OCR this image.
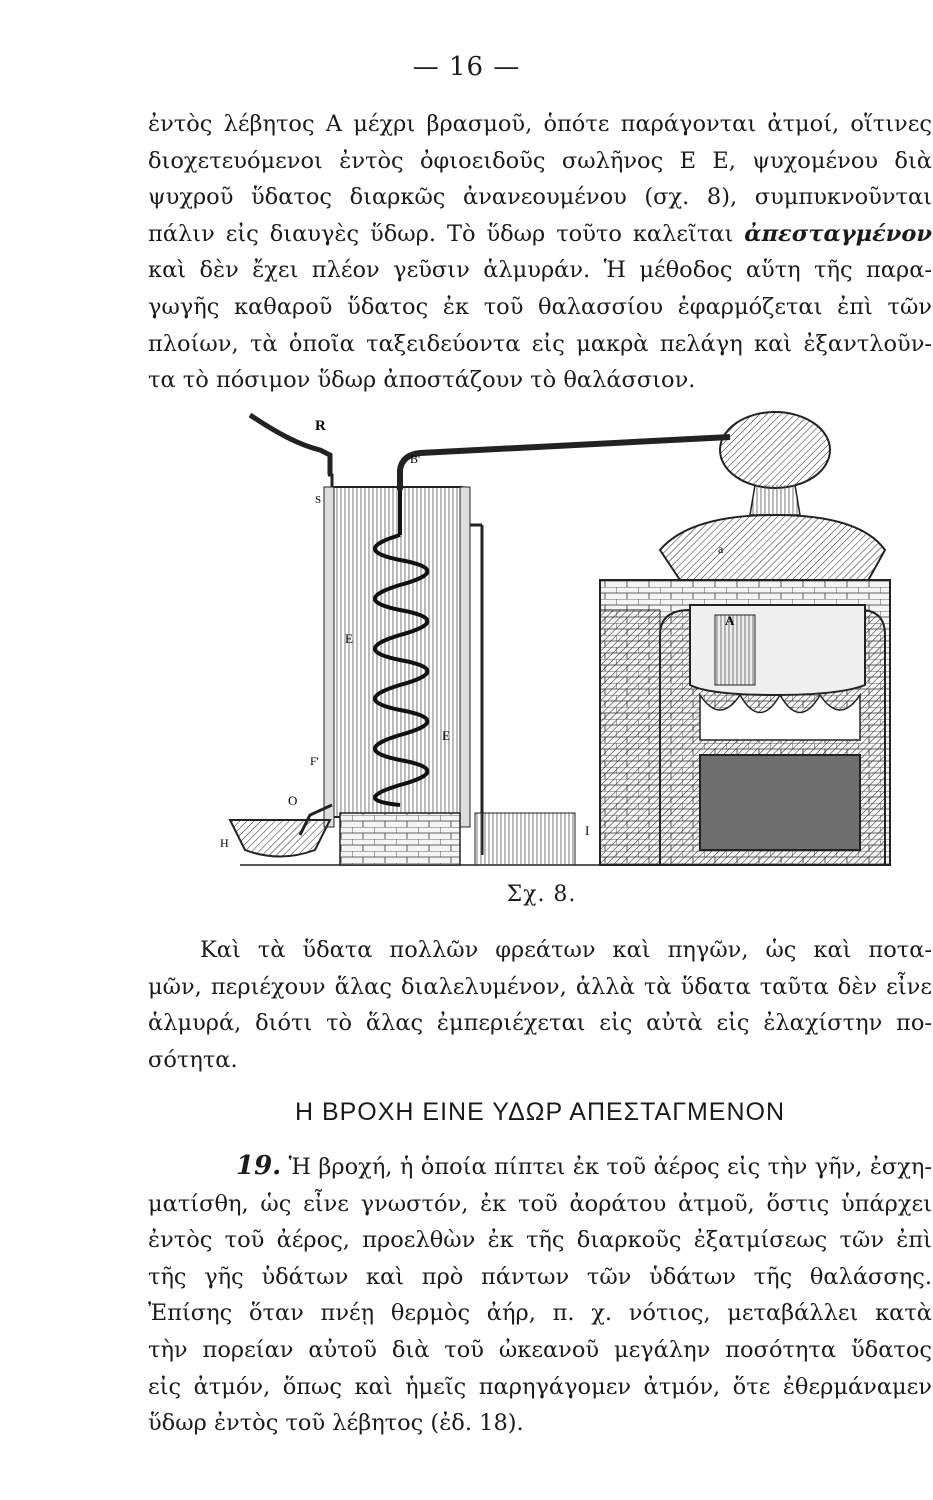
— 16 —
ἐντὸς λέβητος Α μέχρι βρασμοῦ, ὁπότε παράγονται ἀτμοί, οἵτινες
διοχετευόμενοι ἐντὸς ὀφιοειδοῦς σωλῆνος Ε Ε, ψυχομένου διὰ
ψυχροῦ ὕδατος διαρκῶς ἀνανεουμένου (σχ. 8), συμπυκνοῦνται
πάλιν εἰς διαυγὲς ὕδωρ. Τὸ ὕδωρ τοῦτο καλεῖται ἀπεσταγμένον
καὶ δὲν ἔχει πλέον γεῦσιν ἁλμυράν. Ἡ μέθοδος αὕτη τῆς παρα-
γωγῆς καθαροῦ ὕδατος ἐκ τοῦ θαλασσίου ἐφαρμόζεται ἐπὶ τῶν
πλοίων, τὰ ὁποῖα ταξειδεύοντα εἰς μακρὰ πελάγη καὶ ἐξαντλοῦν-
τα τὸ πόσιμον ὕδωρ ἀποστάζουν τὸ θαλάσσιον.
R
B'
S
E
E
F'
O
H
A
a
I
Σχ. 8.
Καὶ τὰ ὕδατα πολλῶν φρεάτων καὶ πηγῶν, ὡς καὶ ποτα-
μῶν, περιέχουν ἅλας διαλελυμένον, ἀλλὰ τὰ ὕδατα ταῦτα δὲν εἶνε
ἁλμυρά, διότι τὸ ἅλας ἐμπεριέχεται εἰς αὐτὰ εἰς ἐλαχίστην πο-
σότητα.
Η ΒΡΟΧΗ ΕΙΝΕ ΥΔΩΡ ΑΠΕΣΤΑΓΜΕΝΟΝ
19. Ἡ βροχή, ἡ ὁποία πίπτει ἐκ τοῦ ἀέρος εἰς τὴν γῆν, ἐσχη-
ματίσθη, ὡς εἶνε γνωστόν, ἐκ τοῦ ἀοράτου ἀτμοῦ, ὅστις ὑπάρχει
ἐντὸς τοῦ ἀέρος, προελθὼν ἐκ τῆς διαρκοῦς ἐξατμίσεως τῶν ἐπὶ
τῆς γῆς ὑδάτων καὶ πρὸ πάντων τῶν ὑδάτων τῆς θαλάσσης.
Ἐπίσης ὅταν πνέῃ θερμὸς ἀήρ, π. χ. νότιος, μεταβάλλει κατὰ
τὴν πορείαν αὐτοῦ διὰ τοῦ ὠκεανοῦ μεγάλην ποσότητα ὕδατος
εἰς ἀτμόν, ὅπως καὶ ἡμεῖς παρηγάγομεν ἀτμόν, ὅτε ἐθερμάναμεν
ὕδωρ ἐντὸς τοῦ λέβητος (ἐδ. 18).
